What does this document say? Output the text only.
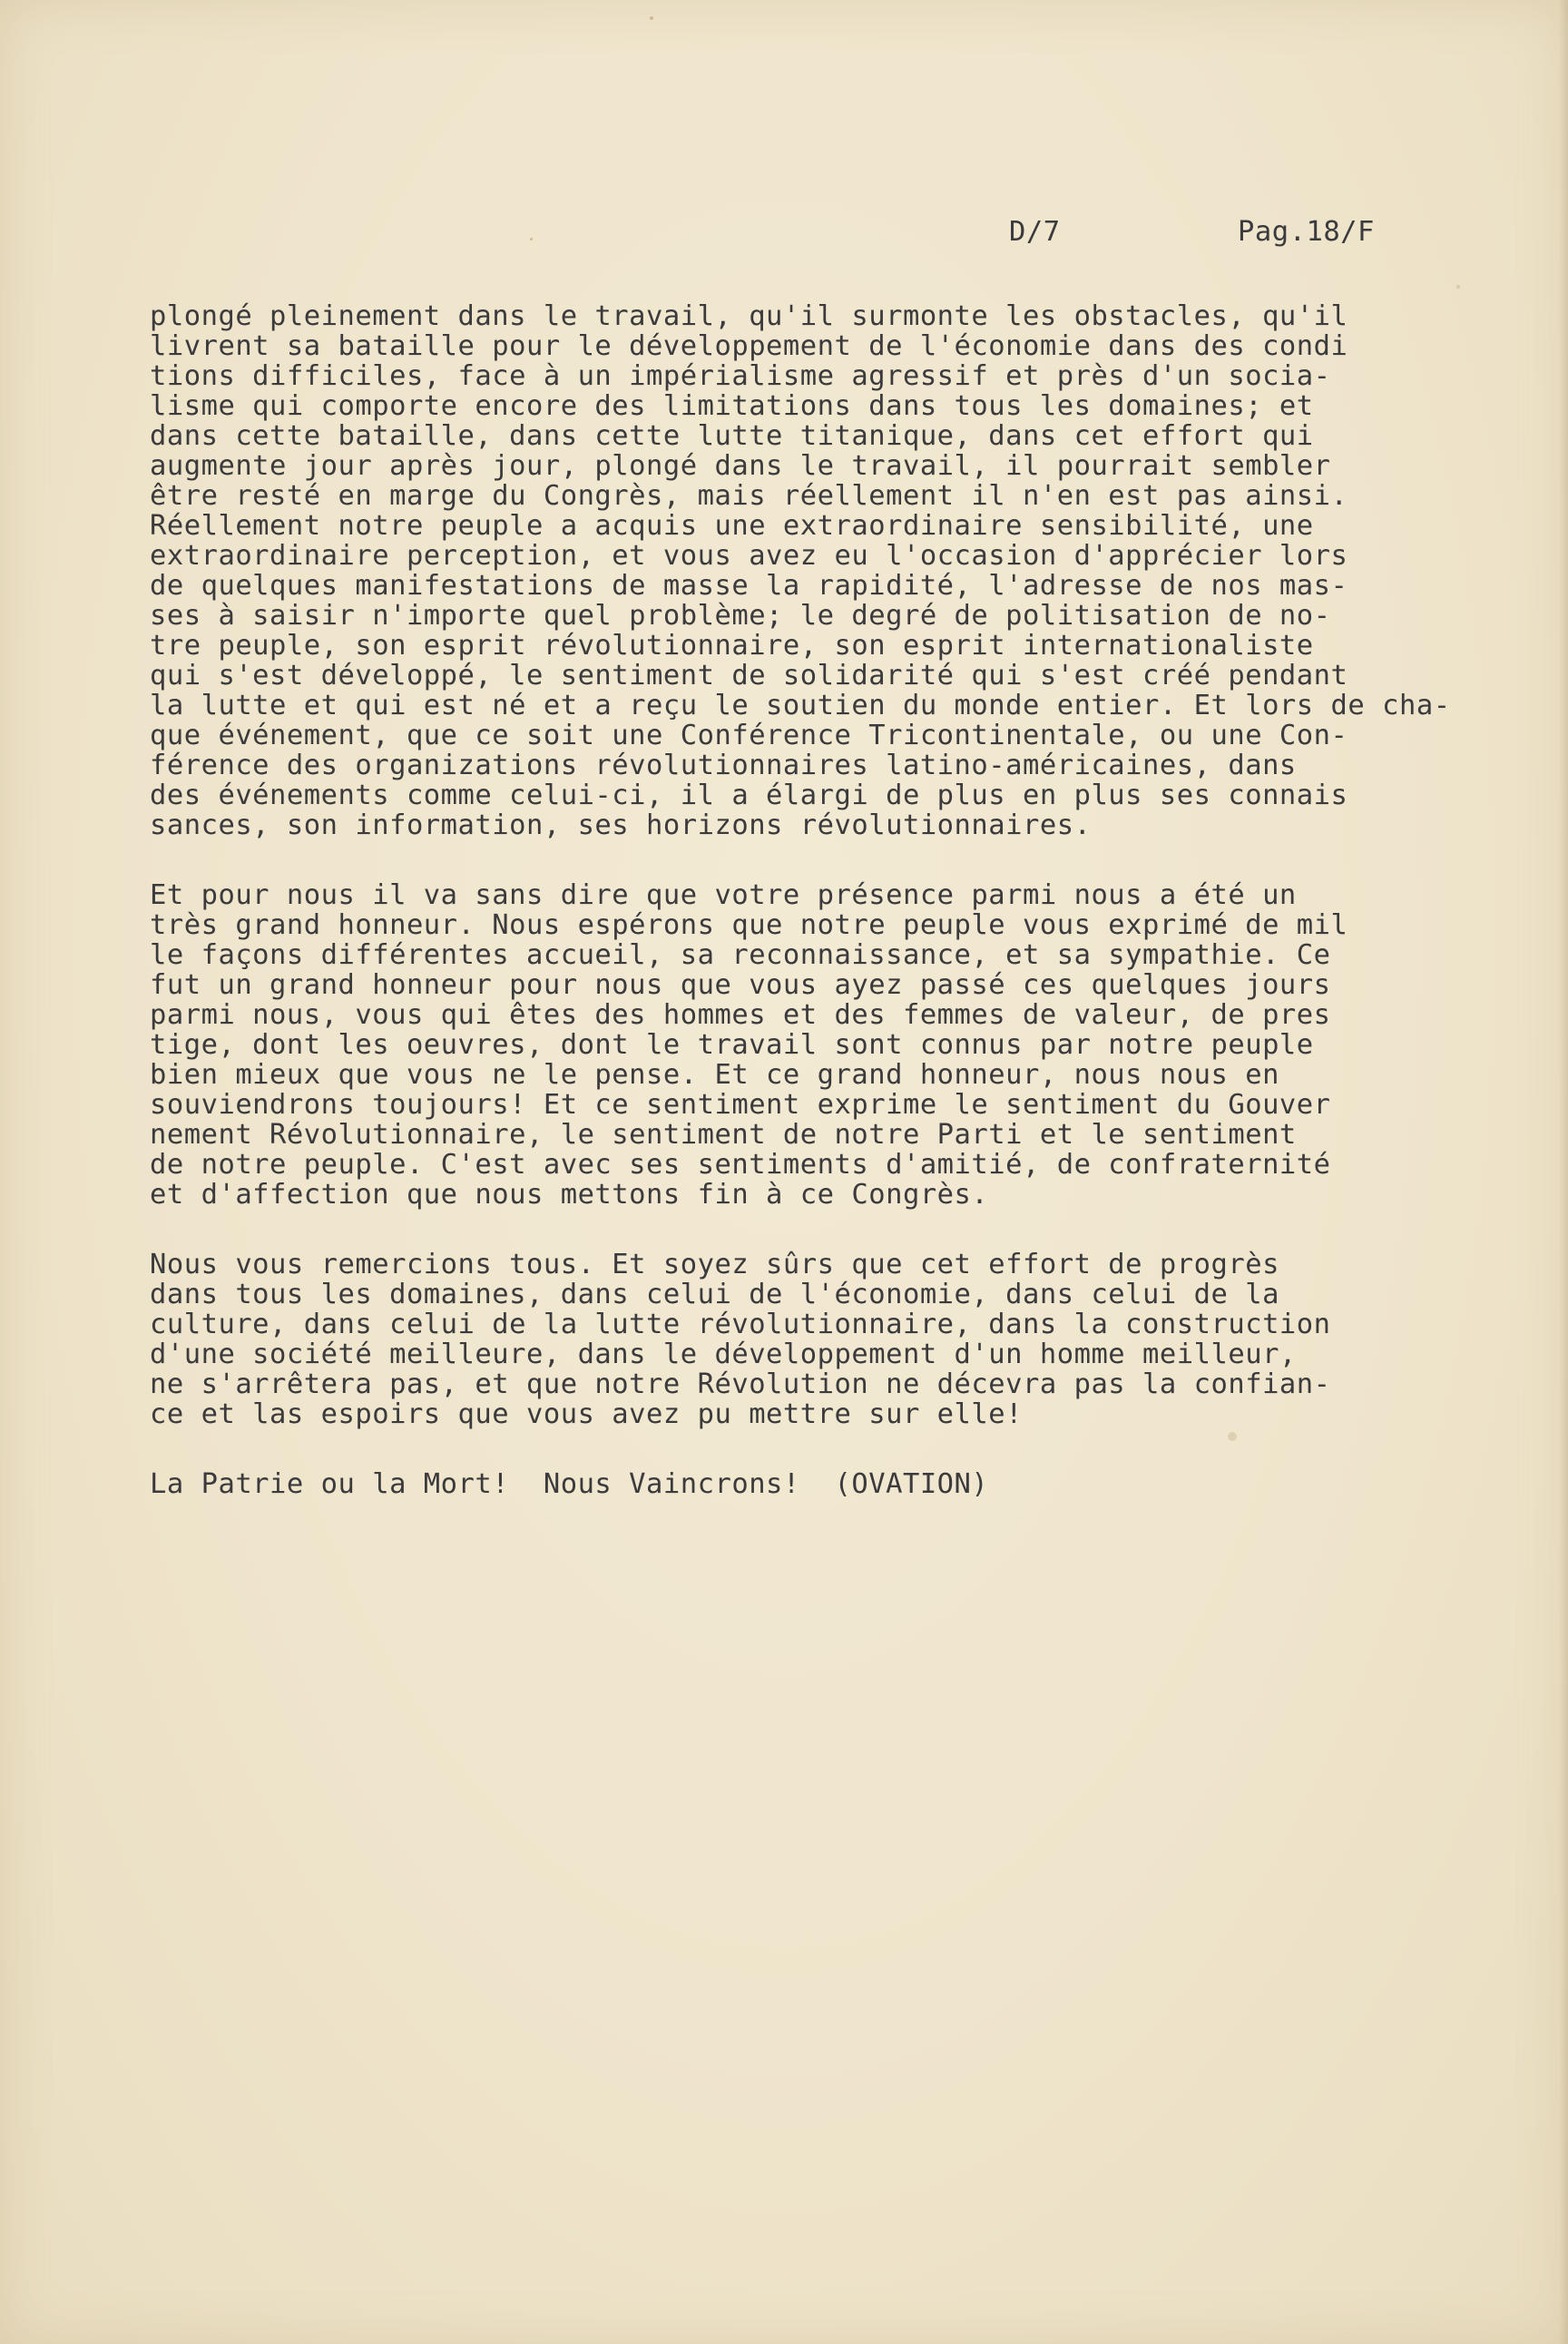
D/7	Pag.18/F
plongé pleinement dans le travail, qu'il surmonte les obstacles, qu'il
livrent sa bataille pour le développement de l'économie dans des condi
tions difficiles, face à un impérialisme agressif et près d'un socia-
lisme qui comporte encore des limitations dans tous les domaines; et
dans cette bataille, dans cette lutte titanique, dans cet effort qui
augmente jour après jour, plongé dans le travail, il pourrait sembler
être resté en marge du Congrès, mais réellement il n'en est pas ainsi.
Réellement notre peuple a acquis une extraordinaire sensibilité, une
extraordinaire perception, et vous avez eu l'occasion d'apprécier lors
de quelques manifestations de masse la rapidité, l'adresse de nos mas-
ses à saisir n'importe quel problème; le degré de politisation de no-
tre peuple, son esprit révolutionnaire, son esprit internationaliste
qui s'est développé, le sentiment de solidarité qui s'est créé pendant
la lutte et qui est né et a reçu le soutien du monde entier. Et lors de cha-
que événement, que ce soit une Conférence Tricontinentale, ou une Con-
férence des organizations révolutionnaires latino-américaines, dans
des événements comme celui-ci, il a élargi de plus en plus ses connais
sances, son information, ses horizons révolutionnaires.
Et pour nous il va sans dire que votre présence parmi nous a été un
très grand honneur. Nous espérons que notre peuple vous exprimé de mil
le façons différentes accueil, sa reconnaissance, et sa sympathie. Ce
fut un grand honneur pour nous que vous ayez passé ces quelques jours
parmi nous, vous qui êtes des hommes et des femmes de valeur, de pres
tige, dont les oeuvres, dont le travail sont connus par notre peuple
bien mieux que vous ne le pense. Et ce grand honneur, nous nous en
souviendrons toujours! Et ce sentiment exprime le sentiment du Gouver
nement Révolutionnaire, le sentiment de notre Parti et le sentiment
de notre peuple. C'est avec ses sentiments d'amitié, de confraternité
et d'affection que nous mettons fin à ce Congrès.
Nous vous remercions tous. Et soyez sûrs que cet effort de progrès
dans tous les domaines, dans celui de l'économie, dans celui de la
culture, dans celui de la lutte révolutionnaire, dans la construction
d'une société meilleure, dans le développement d'un homme meilleur,
ne s'arrêtera pas, et que notre Révolution ne décevra pas la confian-
ce et las espoirs que vous avez pu mettre sur elle!
La Patrie ou la Mort!  Nous Vaincrons!  (OVATION)
